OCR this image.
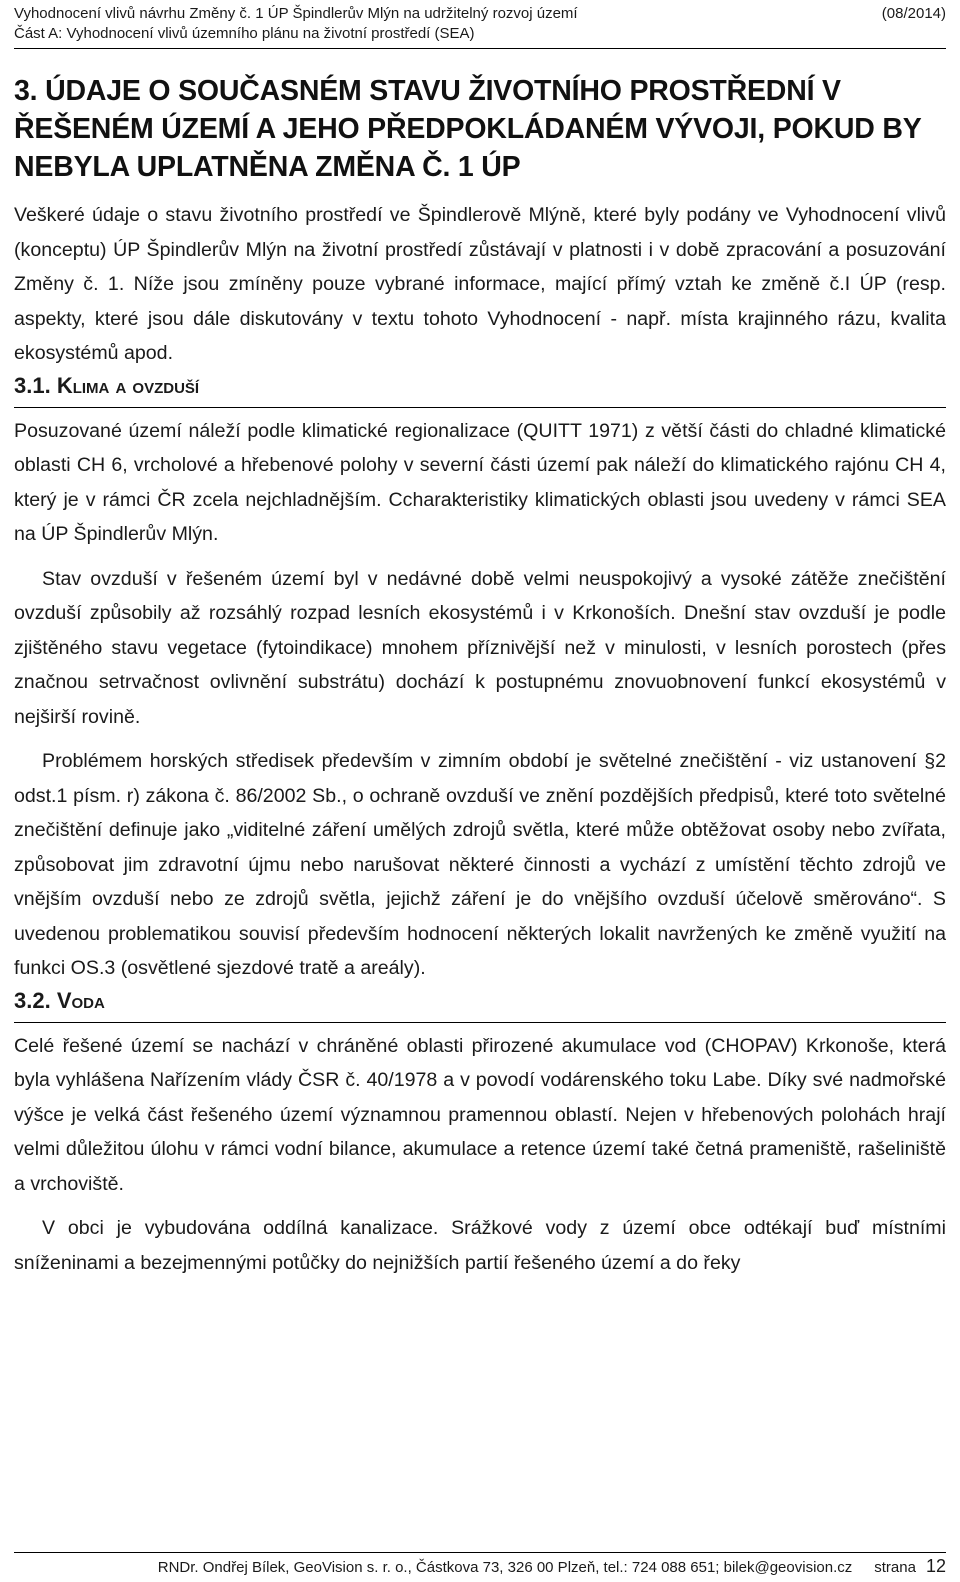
Vyhodnocení vlivů návrhu Změny č. 1 ÚP Špindlerův Mlýn na udržitelný rozvoj území	(08/2014)
Část A: Vyhodnocení vlivů územního plánu na životní prostředí (SEA)
3. ÚDAJE O SOUČASNÉM STAVU ŽIVOTNÍHO PROSTŘEDNÍ V ŘEŠENÉM ÚZEMÍ A JEHO PŘEDPOKLÁDANÉM VÝVOJI, POKUD BY NEBYLA UPLATNĚNA ZMĚNA Č. 1 ÚP

Veškeré údaje o stavu životního prostředí ve Špindlerově Mlýně, které byly podány ve Vyhodnocení vlivů (konceptu) ÚP Špindlerův Mlýn na životní prostředí zůstávají v platnosti i v době zpracování a posuzování Změny č. 1. Níže jsou zmíněny pouze vybrané informace, mající přímý vztah ke změně č.I ÚP (resp. aspekty, které jsou dále diskutovány v textu tohoto Vyhodnocení - např. místa krajinného rázu, kvalita ekosystémů apod.

3.1. Klima a ovzduší

Posuzované území náleží podle klimatické regionalizace (QUITT 1971) z větší části do chladné klimatické oblasti CH 6, vrcholové a hřebenové polohy v severní části území pak náleží do klimatického rajónu CH 4, který je v rámci ČR zcela nejchladnějším. Ccharakteristiky klimatických oblasti jsou uvedeny v rámci SEA na ÚP Špindlerův Mlýn.

Stav ovzduší v řešeném území byl v nedávné době velmi neuspokojivý a vysoké zátěže znečištění ovzduší způsobily až rozsáhlý rozpad lesních ekosystémů i v Krkonoších. Dnešní stav ovzduší je podle zjištěného stavu vegetace (fytoindikace) mnohem příznivější než v minulosti, v lesních porostech (přes značnou setrvačnost ovlivnění substrátu) dochází k postupnému znovuobnovení funkcí ekosystémů v nejširší rovině.

Problémem horských středisek především v zimním období je světelné znečištění - viz ustanovení §2 odst.1 písm. r) zákona č. 86/2002 Sb., o ochraně ovzduší ve znění pozdějších předpisů, které toto světelné znečištění definuje jako „viditelné záření umělých zdrojů světla, které může obtěžovat osoby nebo zvířata, způsobovat jim zdravotní újmu nebo narušovat některé činnosti a vychází z umístění těchto zdrojů ve vnějším ovzduší nebo ze zdrojů světla, jejichž záření je do vnějšího ovzduší účelově směrováno“. S uvedenou problematikou souvisí především hodnocení některých lokalit navržených ke změně využití na funkci OS.3 (osvětlené sjezdové tratě a areály).

3.2. Voda

Celé řešené území se nachází v chráněné oblasti přirozené akumulace vod (CHOPAV) Krkonoše, která byla vyhlášena Nařízením vlády ČSR č. 40/1978 a v povodí vodárenského toku Labe. Díky své nadmořské výšce je velká část řešeného území významnou pramennou oblastí. Nejen v hřebenových polohách hrají velmi důležitou úlohu v rámci vodní bilance, akumulace a retence území také četná prameniště, rašeliniště a vrchoviště.

V obci je vybudována oddílná kanalizace. Srážkové vody z území obce odtékají buď místními sníženinami a bezejmennými potůčky do nejnižších partií řešeného území a do řeky

RNDr. Ondřej Bílek, GeoVision s. r. o., Částkova 73, 326 00 Plzeň, tel.: 724 088 651; bilek@geovision.cz strana 12
